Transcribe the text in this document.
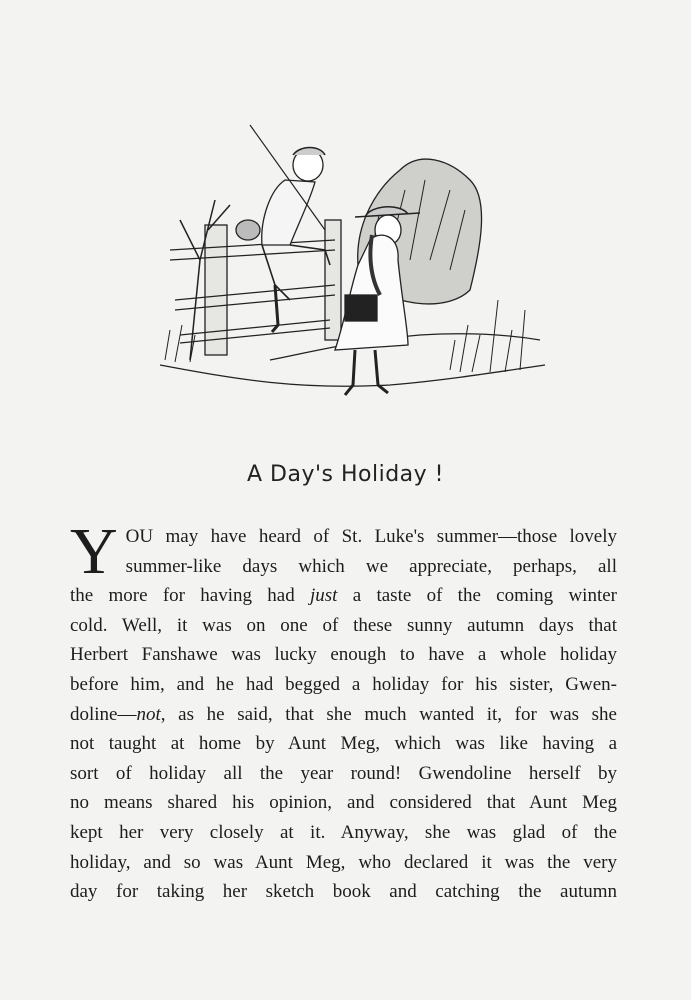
A Day's Holiday !
Y OU may have heard of St. Luke's summer—those lovely
summer-like days which we appreciate, perhaps, all
the more for having had just a taste of the coming winter
cold. Well, it was on one of these sunny autumn days that
Herbert Fanshawe was lucky enough to have a whole holiday
before him, and he had begged a holiday for his sister, Gwen-
doline—not, as he said, that she much wanted it, for was she
not taught at home by Aunt Meg, which was like having a
sort of holiday all the year round! Gwendoline herself by
no means shared his opinion, and considered that Aunt Meg
kept her very closely at it. Anyway, she was glad of the
holiday, and so was Aunt Meg, who declared it was the very
day for taking her sketch book and catching the autumn
